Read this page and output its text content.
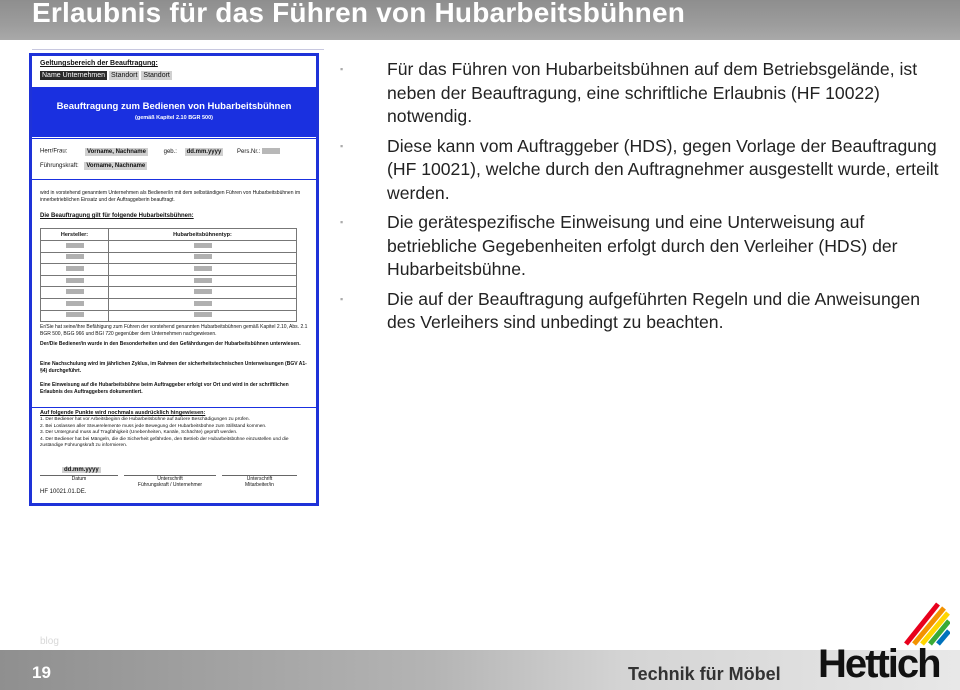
Erlaubnis für das Führen von Hubarbeitsbühnen
Geltungsbereich der Beauftragung:
Name Unternehmen Standort Standort
Beauftragung zum Bedienen von Hubarbeitsbühnen
(gemäß Kapitel 2.10 BGR 500)
Herr/Frau:	Vorname, Nachname	geb.: dd.mm.yyyy	Pers.Nr.:
Führungskraft: Vorname, Nachname
wird in vorstehend genanntem Unternehmen als Bediener/in mit dem selbständigen Führen von Hubarbeitsbühnen im innerbetrieblichen Einsatz und der Auftraggeberin beauftragt.
Die Beauftragung gilt für folgende Hubarbeitsbühnen:
Hersteller:	Hubarbeitsbühnentyp:

Er/Sie hat seine/ihre Befähigung zum Führen der vorstehend genannten Hubarbeitsbühnen gemäß Kapitel 2.10, Abs. 2.1 BGR 500, BGG 966 und BGI 720 gegenüber dem Unternehmen nachgewiesen.
Der/Die Bediener/in wurde in den Besonderheiten und den Gefährdungen der Hubarbeitsbühnen unterwiesen.
Eine Nachschulung wird im jährlichen Zyklus, im Rahmen der sicherheitstechnischen Unterweisungen (BGV A1-§4) durchgeführt.
Eine Einweisung auf die Hubarbeitsbühne beim Auftraggeber erfolgt vor Ort und wird in der schriftlichen Erlaubnis des Auftraggebers dokumentiert.
Auf folgende Punkte wird nochmals ausdrücklich hingewiesen:
1. Der Bediener hat vor Arbeitsbeginn die Hubarbeitsbühne auf äußere Beschädigungen zu prüfen.
2. Bei Loslassen aller Steuerelemente muss jede Bewegung der Hubarbeitsbühne zum Stillstand kommen.
3. Der Untergrund muss auf Tragfähigkeit (Unebenheiten, Kanäle, Schächte) geprüft werden.
4. Der Bediener hat bei Mängeln, die die Sicherheit gefährden, den Betrieb der Hubarbeitsbühne einzustellen und die zuständige Führungskraft zu informieren.
dd.mm.yyyy
Datum	Unterschrift
Führungskraft / Unternehmer
Unterschrift
Mitarbeiter/in
HF 10021.01.DE.
▪ Für das Führen von Hubarbeitsbühnen auf dem Betriebsgelände, ist neben der Beauftragung, eine schriftliche Erlaubnis (HF 10022) notwendig.
▪ Diese kann vom Auftraggeber (HDS), gegen Vorlage der Beauftragung (HF 10021), welche durch den Auftragnehmer ausgestellt wurde, erteilt werden.
▪ Die gerätespezifische Einweisung und eine Unterweisung auf betriebliche Gegebenheiten erfolgt durch den Verleiher (HDS) der Hubarbeitsbühne.
▪ Die auf der Beauftragung aufgeführten Regeln und die Anweisungen des Verleihers sind unbedingt zu beachten.
blog
19	Technik für Möbel Hettich
